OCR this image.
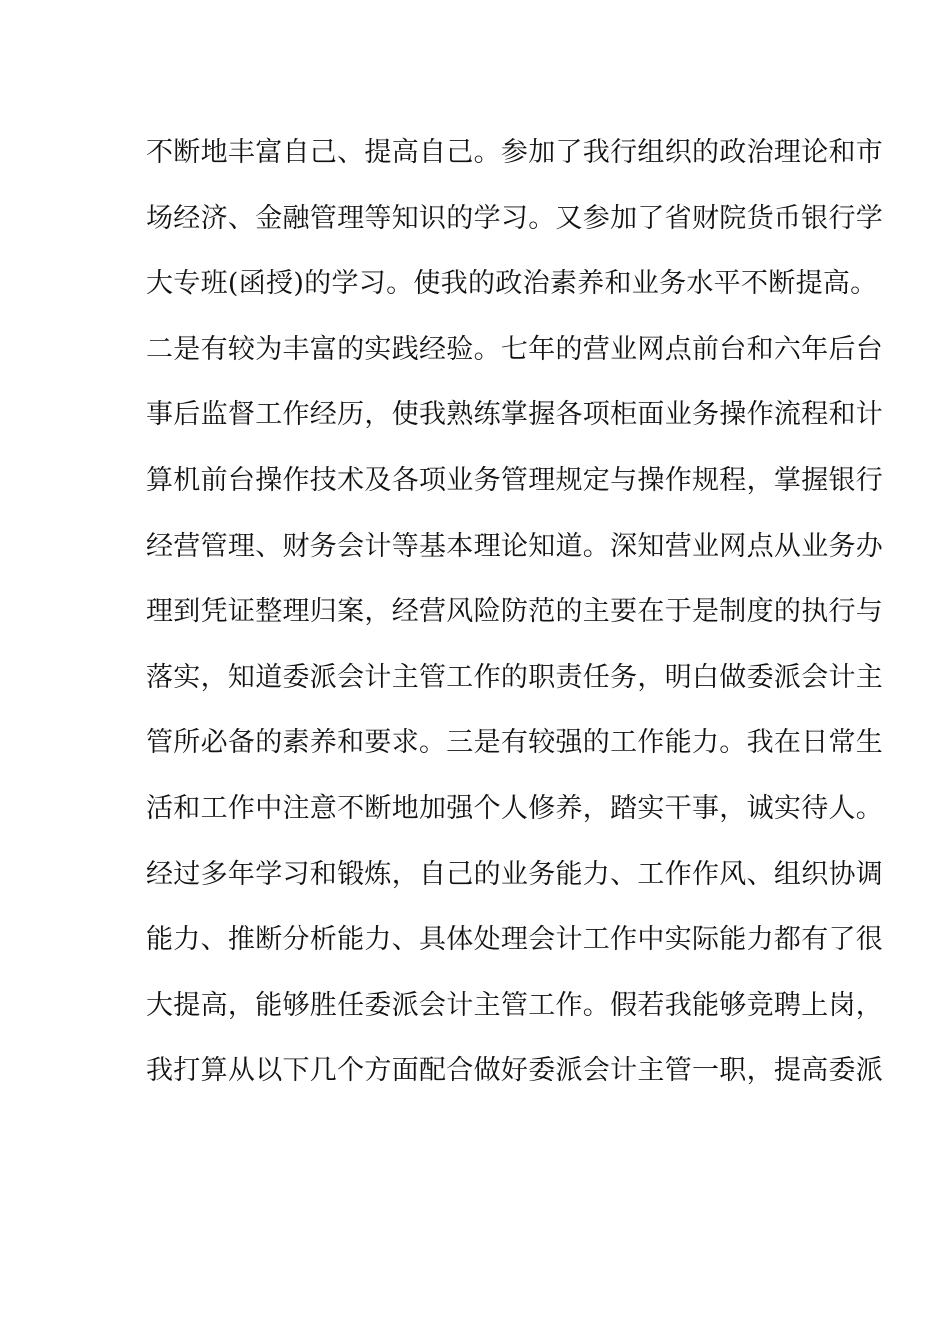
不断地丰富自己、提高自己。参加了我行组织的政治理论和市
场经济、金融管理等知识的学习。又参加了省财院货币银行学
大专班(函授)的学习。使我的政治素养和业务水平不断提高。
二是有较为丰富的实践经验。七年的营业网点前台和六年后台
事后监督工作经历，使我熟练掌握各项柜面业务操作流程和计
算机前台操作技术及各项业务管理规定与操作规程，掌握银行
经营管理、财务会计等基本理论知道。深知营业网点从业务办
理到凭证整理归案，经营风险防范的主要在于是制度的执行与
落实，知道委派会计主管工作的职责任务，明白做委派会计主
管所必备的素养和要求。三是有较强的工作能力。我在日常生
活和工作中注意不断地加强个人修养，踏实干事，诚实待人。
经过多年学习和锻炼，自己的业务能力、工作作风、组织协调
能力、推断分析能力、具体处理会计工作中实际能力都有了很
大提高，能够胜任委派会计主管工作。假若我能够竞聘上岗，
我打算从以下几个方面配合做好委派会计主管一职，提高委派
